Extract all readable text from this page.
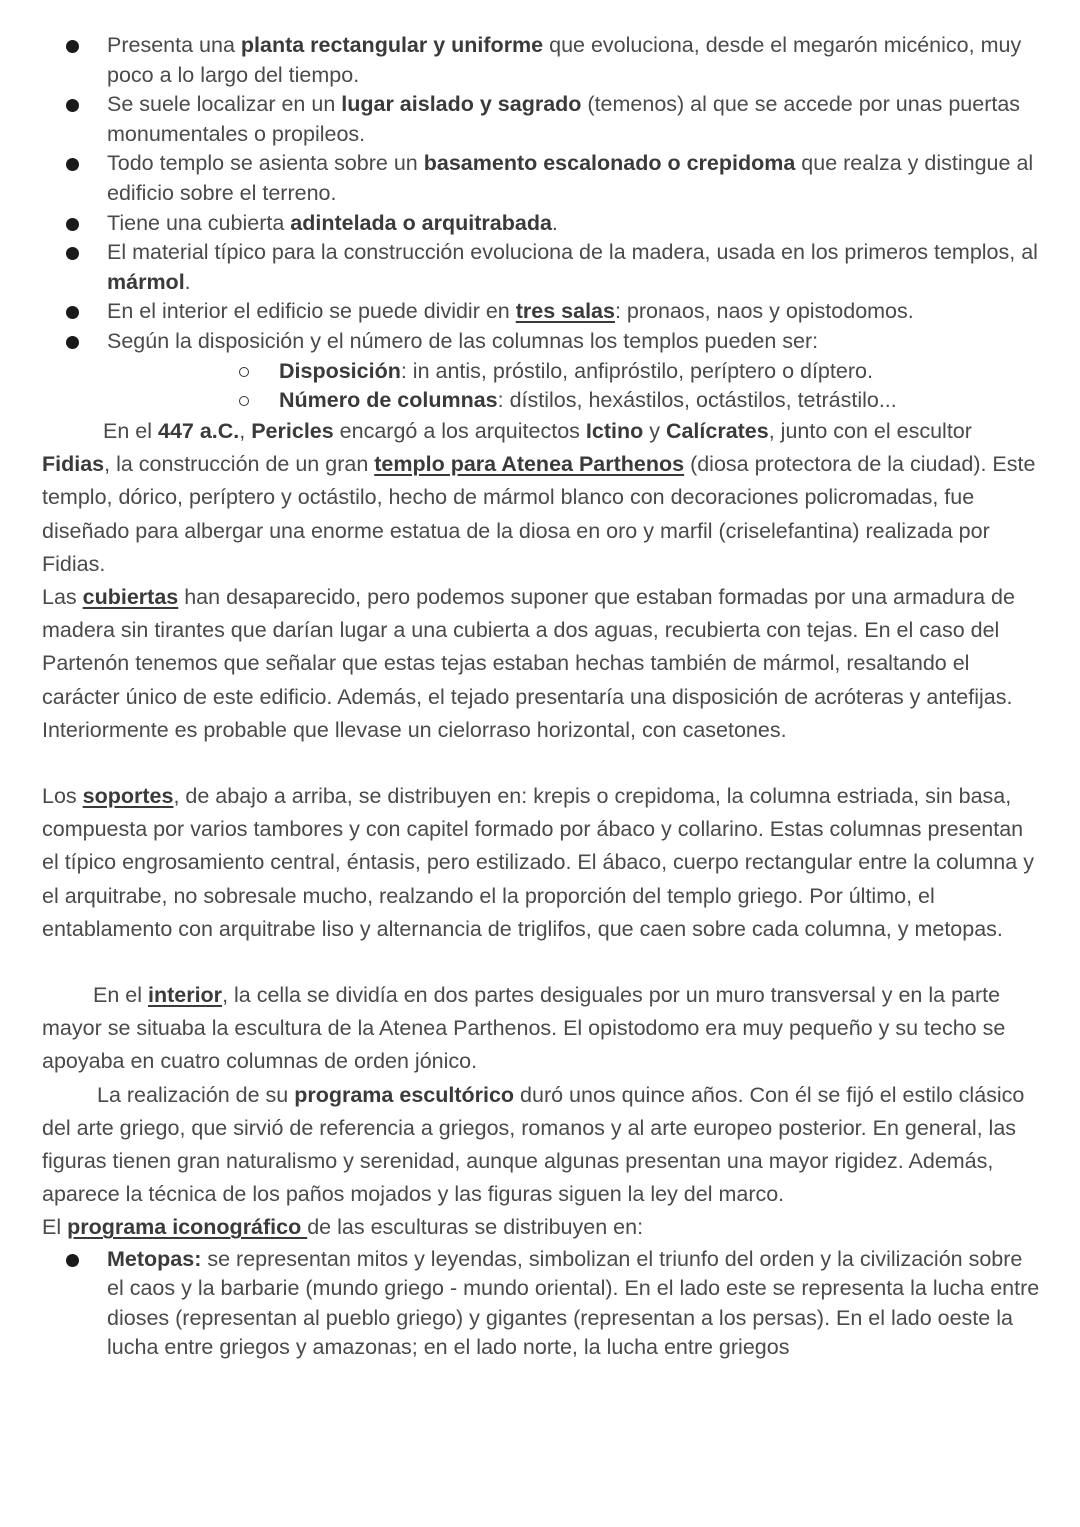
Presenta una planta rectangular y uniforme que evoluciona, desde el megarón micénico, muy poco a lo largo del tiempo.
Se suele localizar en un lugar aislado y sagrado (temenos) al que se accede por unas puertas monumentales o propileos.
Todo templo se asienta sobre un basamento escalonado o crepidoma que realza y distingue al edificio sobre el terreno.
Tiene una cubierta adintelada o arquitrabada.
El material típico para la construcción evoluciona de la madera, usada en los primeros templos, al mármol.
En el interior el edificio se puede dividir en tres salas: pronaos, naos y opistodomos.
Según la disposición y el número de las columnas los templos pueden ser:
Disposición: in antis, próstilo, anfipróstilo, períptero o díptero.
Número de columnas: dístilos, hexástilos, octástilos, tetrástilo...

En el 447 a.C., Pericles encargó a los arquitectos Ictino y Calícrates, junto con el escultor Fidias, la construcción de un gran templo para Atenea Parthenos (diosa protectora de la ciudad). Este templo, dórico, períptero y octástilo, hecho de mármol blanco con decoraciones policromadas, fue diseñado para albergar una enorme estatua de la diosa en oro y marfil (criselefantina) realizada por Fidias.

Las cubiertas han desaparecido, pero podemos suponer que estaban formadas por una armadura de madera sin tirantes que darían lugar a una cubierta a dos aguas, recubierta con tejas. En el caso del Partenón tenemos que señalar que estas tejas estaban hechas también de mármol, resaltando el carácter único de este edificio. Además, el tejado presentaría una disposición de acróteras y antefijas. Interiormente es probable que llevase un cielorraso horizontal, con casetones.

Los soportes, de abajo a arriba, se distribuyen en: krepis o crepidoma, la columna estriada, sin basa, compuesta por varios tambores y con capitel formado por ábaco y collarino. Estas columnas presentan el típico engrosamiento central, éntasis, pero estilizado. El ábaco, cuerpo rectangular entre la columna y el arquitrabe, no sobresale mucho, realzando el la proporción del templo griego. Por último, el entablamento con arquitrabe liso y alternancia de triglifos, que caen sobre cada columna, y metopas.

En el interior, la cella se dividía en dos partes desiguales por un muro transversal y en la parte mayor se situaba la escultura de la Atenea Parthenos. El opistodomo era muy pequeño y su techo se apoyaba en cuatro columnas de orden jónico.

La realización de su programa escultórico duró unos quince años. Con él se fijó el estilo clásico del arte griego, que sirvió de referencia a griegos, romanos y al arte europeo posterior. En general, las figuras tienen gran naturalismo y serenidad, aunque algunas presentan una mayor rigidez. Además, aparece la técnica de los paños mojados y las figuras siguen la ley del marco.

El programa iconográfico de las esculturas se distribuyen en:

Metopas: se representan mitos y leyendas, simbolizan el triunfo del orden y la civilización sobre el caos y la barbarie (mundo griego - mundo oriental). En el lado este se representa la lucha entre dioses (representan al pueblo griego) y gigantes (representan a los persas). En el lado oeste la lucha entre griegos y amazonas; en el lado norte, la lucha entre griegos
